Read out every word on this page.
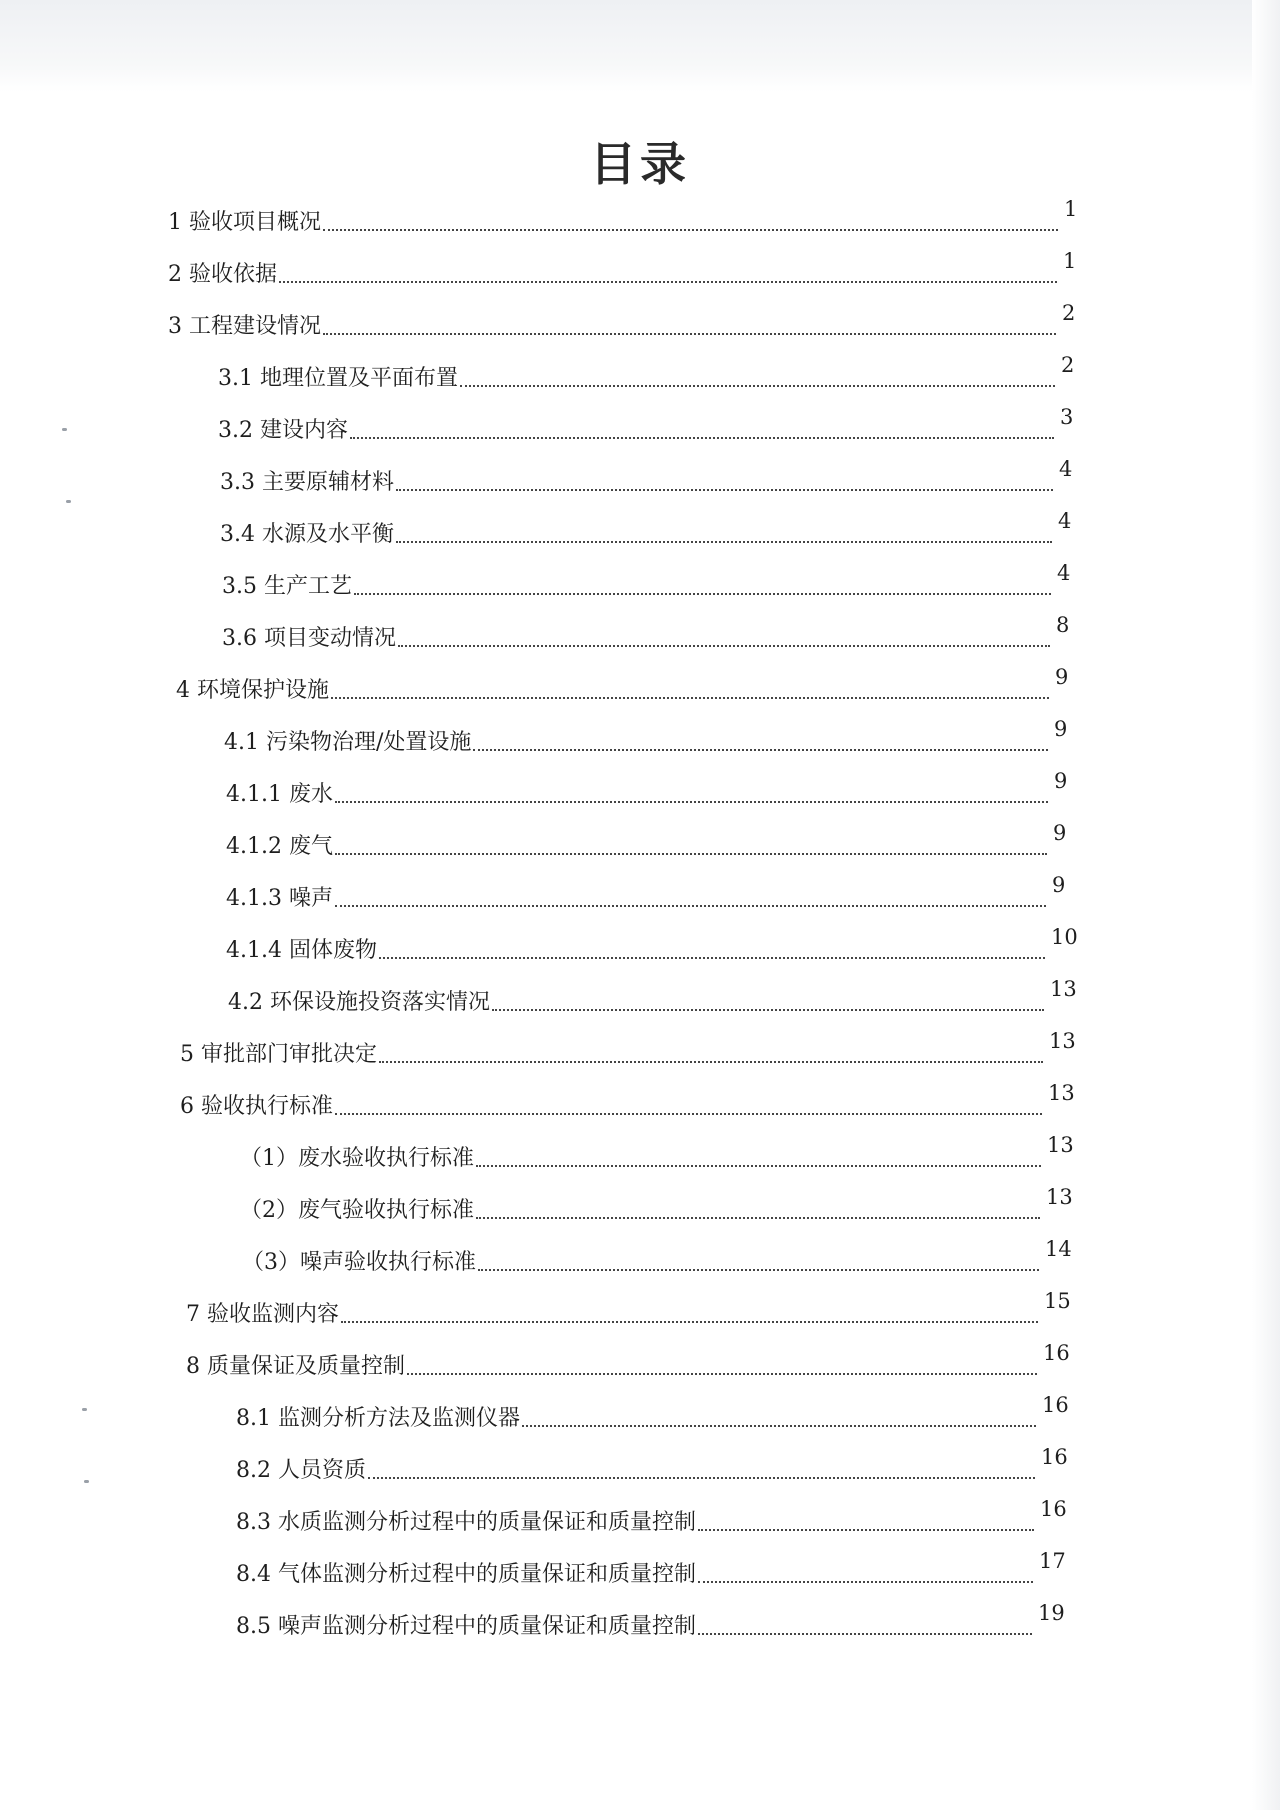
目录
1 验收项目概况
1
2 验收依据
1
3 工程建设情况
2
3.1 地理位置及平面布置
2
3.2 建设内容
3
3.3 主要原辅材料
4
3.4 水源及水平衡
4
3.5 生产工艺
4
3.6 项目变动情况
8
4 环境保护设施
9
4.1 污染物治理/处置设施
9
4.1.1 废水
9
4.1.2 废气
9
4.1.3 噪声
9
4.1.4 固体废物
10
4.2 环保设施投资落实情况
13
5 审批部门审批决定
13
6 验收执行标准
13
（1）废水验收执行标准
13
（2）废气验收执行标准
13
（3）噪声验收执行标准
14
7 验收监测内容
15
8 质量保证及质量控制
16
8.1 监测分析方法及监测仪器
16
8.2 人员资质
16
8.3 水质监测分析过程中的质量保证和质量控制
16
8.4 气体监测分析过程中的质量保证和质量控制
17
8.5 噪声监测分析过程中的质量保证和质量控制
19
